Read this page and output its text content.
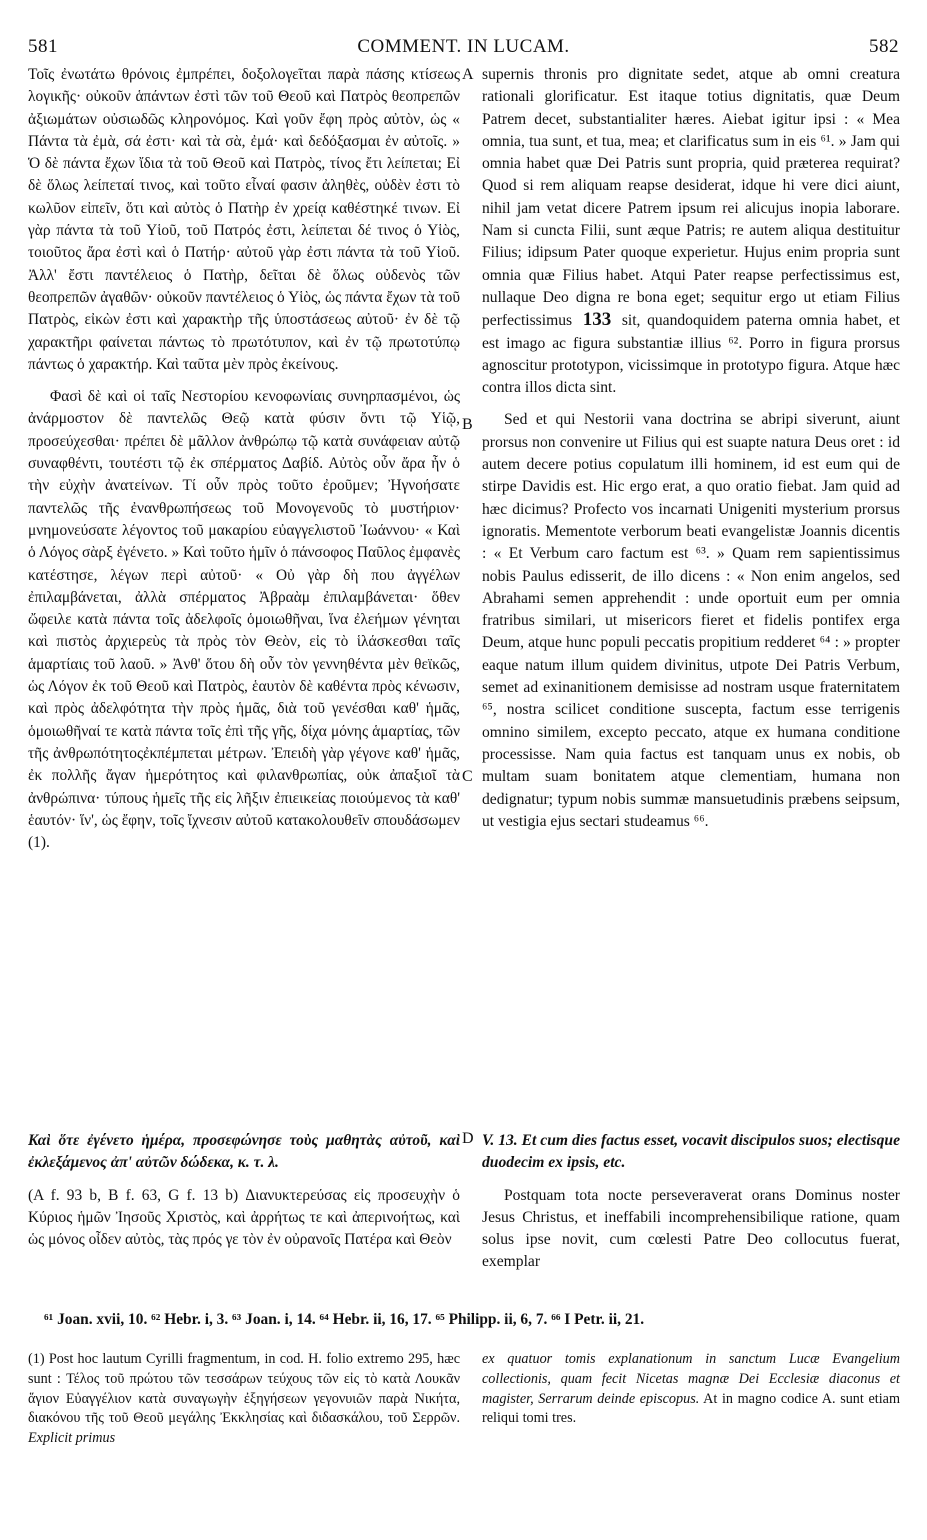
581	COMMENT. IN LUCAM.	582
A
B
C
D

Τοῖς ἐνωτάτω θρόνοις ἐμπρέπει, δοξολογεῖται παρὰ πάσης κτίσεως λογικῆς· οὐκοῦν ἁπάντων ἐστὶ τῶν τοῦ Θεοῦ καὶ Πατρὸς θεοπρεπῶν ἀξιωμάτων οὐσιωδῶς κληρονόμος. Καὶ γοῦν ἔφη πρὸς αὐτὸν, ὡς « Πάντα τὰ ἐμὰ, σά ἐστι· καὶ τὰ σὰ, ἐμά· καὶ δεδόξασμαι ἐν αὐτοῖς. » Ὁ δὲ πάντα ἔχων ἴδια τὰ τοῦ Θεοῦ καὶ Πατρὸς, τίνος ἔτι λείπεται; Εἰ δὲ ὅλως λείπεταί τινος, καὶ τοῦτο εἶναί φασιν ἀληθὲς, οὐδὲν ἐστι τὸ κωλῦον εἰπεῖν, ὅτι καὶ αὐτὸς ὁ Πατὴρ ἐν χρείᾳ καθέστηκέ τινων. Εἰ γὰρ πάντα τὰ τοῦ Υἱοῦ, τοῦ Πατρός ἐστι, λείπεται δέ τινος ὁ Υἱὸς, τοιοῦτος ἄρα ἐστὶ καὶ ὁ Πατήρ· αὐτοῦ γὰρ ἐστι πάντα τὰ τοῦ Υἱοῦ. Ἀλλ' ἔστι παντέλειος ὁ Πατὴρ, δεῖται δὲ ὅλως οὐδενὸς τῶν θεοπρεπῶν ἀγαθῶν· οὐκοῦν παντέλειος ὁ Υἱὸς, ὡς πάντα ἔχων τὰ τοῦ Πατρὸς, εἰκὼν ἐστι καὶ χαρακτὴρ τῆς ὑποστάσεως αὐτοῦ· ἐν δὲ τῷ χαρακτῆρι φαίνεται πάντως τὸ πρωτότυπον, καὶ ἐν τῷ πρωτοτύπῳ πάντως ὁ χαρακτήρ. Καὶ ταῦτα μὲν πρὸς ἐκείνους.

Φασὶ δὲ καὶ οἱ ταῖς Νεστορίου κενοφωνίαις συνηρπασμένοι, ὡς ἀνάρμοστον δὲ παντελῶς Θεῷ κατὰ φύσιν ὄντι τῷ Υἱῷ, προσεύχεσθαι· πρέπει δὲ μᾶλλον ἀνθρώπῳ τῷ κατὰ συνάφειαν αὐτῷ συναφθέντι, τουτέστι τῷ ἐκ σπέρματος Δαβίδ. Αὐτὸς οὖν ἄρα ἦν ὁ τὴν εὐχὴν ἀνατείνων. Τί οὖν πρὸς τοῦτο ἐροῦμεν; Ἠγνοήσατε παντελῶς τῆς ἐνανθρωπήσεως τοῦ Μονογενοῦς τὸ μυστήριον· μνημονεύσατε λέγοντος τοῦ μακαρίου εὐαγγελιστοῦ Ἰωάννου· « Καὶ ὁ Λόγος σὰρξ ἐγένετο. » Καὶ τοῦτο ἡμῖν ὁ πάνσοφος Παῦλος ἐμφανὲς κατέστησε, λέγων περὶ αὐτοῦ· « Οὐ γὰρ δὴ που ἀγγέλων ἐπιλαμβάνεται, ἀλλὰ σπέρματος Ἀβραὰμ ἐπιλαμβάνεται· ὅθεν ὤφειλε κατὰ πάντα τοῖς ἀδελφοῖς ὁμοιωθῆναι, ἵνα ἐλεήμων γένηται καὶ πιστὸς ἀρχιερεὺς τὰ πρὸς τὸν Θεὸν, εἰς τὸ ἱλάσκεσθαι ταῖς ἁμαρτίαις τοῦ λαοῦ. » Ἀνθ' ὅτου δὴ οὖν τὸν γεννηθέντα μὲν θεϊκῶς, ὡς Λόγον ἐκ τοῦ Θεοῦ καὶ Πατρὸς, ἑαυτὸν δὲ καθέντα πρὸς κένωσιν, καὶ πρὸς ἀδελφότητα τὴν πρὸς ἡμᾶς, διὰ τοῦ γενέσθαι καθ' ἡμᾶς, ὁμοιωθῆναί τε κατὰ πάντα τοῖς ἐπὶ τῆς γῆς, δίχα μόνης ἁμαρτίας, τῶν τῆς ἀνθρωπότητοςἐκπέμπεται μέτρων. Ἐπειδὴ γὰρ γέγονε καθ' ἡμᾶς, ἐκ πολλῆς ἄγαν ἡμερότητος καὶ φιλανθρωπίας, οὐκ ἀπαξιοῖ τὰ ἀνθρώπινα· τύπους ἡμεῖς τῆς εἰς λῆξιν ἐπιεικείας ποιούμενος τὰ καθ' ἑαυτόν· ἵν', ὡς ἔφην, τοῖς ἴχνεσιν αὐτοῦ κατακολουθεῖν σπουδάσωμεν (1).

Καὶ ὅτε ἐγένετο ἡμέρα, προσεφώνησε τοὺς μαθητὰς αὐτοῦ, καὶ ἐκλεξάμενος ἀπ' αὐτῶν δώδεκα, κ. τ. λ.

(A f. 93 b, B f. 63, G f. 13 b) Διανυκτερεύσας εἰς προσευχὴν ὁ Κύριος ἡμῶν Ἰησοῦς Χριστὸς, καὶ ἀρρήτως τε καὶ ἀπερινοήτως, καὶ ὡς μόνος οἶδεν αὐτὸς, τὰς πρός γε τὸν ἐν οὐρανοῖς Πατέρα καὶ Θεὸν

supernis thronis pro dignitate sedet, atque ab omni creatura rationali glorificatur. Est itaque totius dignitatis, quæ Deum Patrem decet, substantialiter hæres. Aiebat igitur ipsi : « Mea omnia, tua sunt, et tua, mea; et clarificatus sum in eis ⁶¹. » Jam qui omnia habet quæ Dei Patris sunt propria, quid præterea requirat? Quod si rem aliquam reapse desiderat, idque hi vere dici aiunt, nihil jam vetat dicere Patrem ipsum rei alicujus inopia laborare. Nam si cuncta Filii, sunt æque Patris; re autem aliqua destituitur Filius; idipsum Pater quoque experietur. Hujus enim propria sunt omnia quæ Filius habet. Atqui Pater reapse perfectissimus est, nullaque Deo digna re bona eget; sequitur ergo ut etiam Filius perfectissimus 133 sit, quandoquidem paterna omnia habet, et est imago ac figura substantiæ illius ⁶². Porro in figura prorsus agnoscitur prototypon, vicissimque in prototypo figura. Atque hæc contra illos dicta sint.

Sed et qui Nestorii vana doctrina se abripi siverunt, aiunt prorsus non convenire ut Filius qui est suapte natura Deus oret : id autem decere potius copulatum illi hominem, id est eum qui de stirpe Davidis est. Hic ergo erat, a quo oratio fiebat. Jam quid ad hæc dicimus? Profecto vos incarnati Unigeniti mysterium prorsus ignoratis. Mementote verborum beati evangelistæ Joannis dicentis : « Et Verbum caro factum est ⁶³. » Quam rem sapientissimus nobis Paulus edisserit, de illo dicens : « Non enim angelos, sed Abrahami semen apprehendit : unde oportuit eum per omnia fratribus similari, ut misericors fieret et fidelis pontifex erga Deum, atque hunc populi peccatis propitium redderet ⁶⁴ : » propter eaque natum illum quidem divinitus, utpote Dei Patris Verbum, semet ad exinanitionem demisisse ad nostram usque fraternitatem ⁶⁵, nostra scilicet conditione suscepta, factum esse terrigenis omnino similem, excepto peccato, atque ex humana conditione processisse. Nam quia factus est tanquam unus ex nobis, ob multam suam bonitatem atque clementiam, humana non dedignatur; typum nobis summæ mansuetudinis præbens seipsum, ut vestigia ejus sectari studeamus ⁶⁶.

V. 13. Et cum dies factus esset, vocavit discipulos suos; electisque duodecim ex ipsis, etc.

Postquam tota nocte perseveraverat orans Dominus noster Jesus Christus, et ineffabili incomprehensibilique ratione, quam solus ipse novit, cum cœlesti Patre Deo collocutus fuerat, exemplar

⁶¹ Joan. xvii, 10. ⁶² Hebr. i, 3. ⁶³ Joan. i, 14. ⁶⁴ Hebr. ii, 16, 17. ⁶⁵ Philipp. ii, 6, 7. ⁶⁶ I Petr. ii, 21.
(1) Post hoc lautum Cyrilli fragmentum, in cod. H. folio extremo 295, hæc sunt : Τέλος τοῦ πρώτου τῶν τεσσάρων τεύχους τῶν εἰς τὸ κατὰ Λουκᾶν ἅγιον Εὐαγγέλιον κατὰ συναγωγὴν ἐξηγήσεων γεγονυιῶν παρὰ Νικήτα, διακόνου τῆς τοῦ Θεοῦ μεγάλης Ἐκκλησίας καὶ διδασκάλου, τοῦ Σερρῶν. Explicit primus
ex quatuor tomis explanationum in sanctum Lucæ Evangelium collectionis, quam fecit Nicetas magnæ Dei Ecclesiæ diaconus et magister, Serrarum deinde episcopus. At in magno codice A. sunt etiam reliqui tomi tres.
